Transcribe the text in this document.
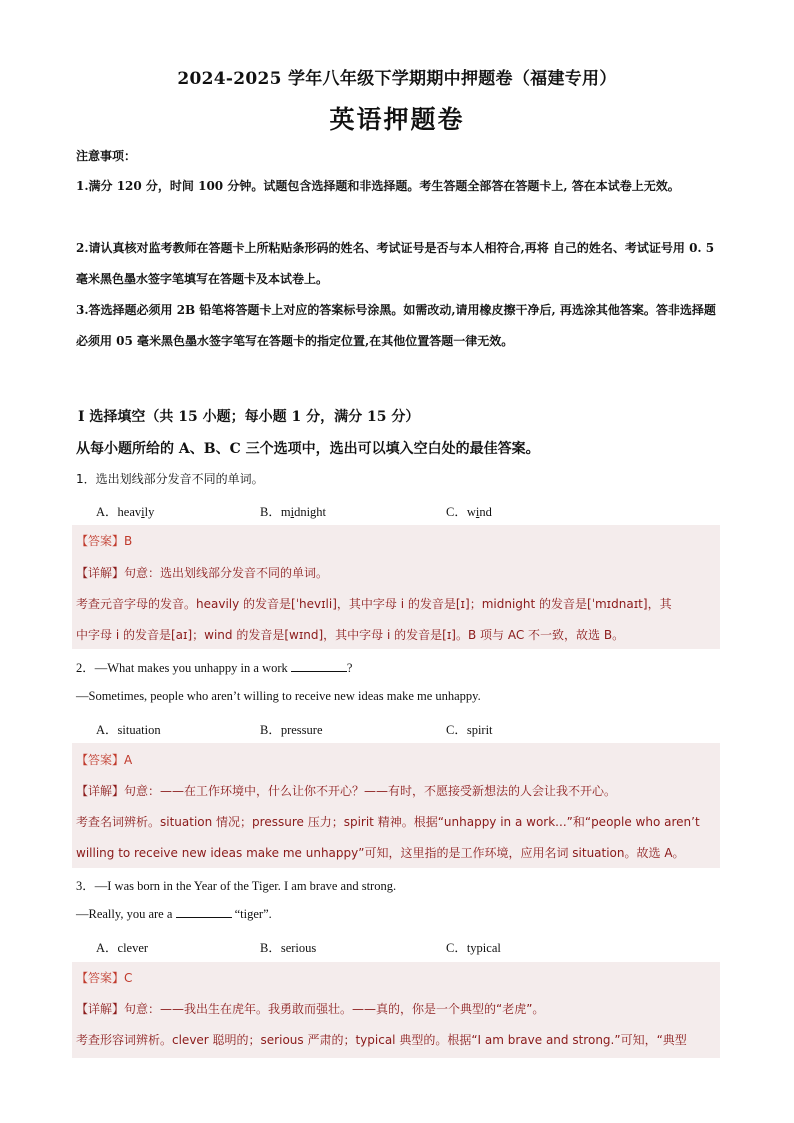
2024-2025 学年八年级下学期期中押题卷（福建专用）
英语押题卷
注意事项：
1.满分 120 分，时间 100 分钟。试题包含选择题和非选择题。考生答题全部答在答题卡上, 答在本试卷上无效。
2.请认真核对监考教师在答题卡上所粘贴条形码的姓名、考试证号是否与本人相符合,再将 自己的姓名、考试证号用 0. 5 毫米黑色墨水签字笔填写在答题卡及本试卷上。
3.答选择题必须用 2B 铅笔将答题卡上对应的答案标号涂黑。如需改动,请用橡皮擦干净后, 再选涂其他答案。答非选择题必须用 05 毫米黑色墨水签字笔写在答题卡的指定位置,在其他位置答题一律无效。
Ⅰ 选择填空（共 15 小题；每小题 1 分，满分 15 分）
从每小题所给的 A、B、C 三个选项中，选出可以填入空白处的最佳答案。
1．选出划线部分发音不同的单词。
A．heavily	B．midnight	C．wind
【答案】B
【详解】句意：选出划线部分发音不同的单词。
考查元音字母的发音。heavily 的发音是[ˈhevɪli]，其中字母 i 的发音是[ɪ]；midnight 的发音是[ˈmɪdnaɪt]，其
中字母 i 的发音是[aɪ]；wind 的发音是[wɪnd]，其中字母 i 的发音是[ɪ]。B 项与 AC 不一致，故选 B。
2．—What makes you unhappy in a work	?
—Sometimes, people who aren’t willing to receive new ideas make me unhappy.
A．situation	B．pressure	C．spirit
【答案】A
【详解】句意：——在工作环境中，什么让你不开心？——有时，不愿接受新想法的人会让我不开心。
考查名词辨析。situation 情况；pressure 压力；spirit 精神。根据“unhappy in a work...”和“people who aren’t
willing to receive new ideas make me unhappy”可知，这里指的是工作环境，应用名词 situation。故选 A。
3．—I was born in the Year of the Tiger. I am brave and strong.
—Really, you are a	“tiger”.
A．clever	B．serious	C．typical
【答案】C
【详解】句意：——我出生在虎年。我勇敢而强壮。——真的，你是一个典型的“老虎”。
考查形容词辨析。clever 聪明的；serious 严肃的；typical 典型的。根据“I am brave and strong.”可知，“典型
